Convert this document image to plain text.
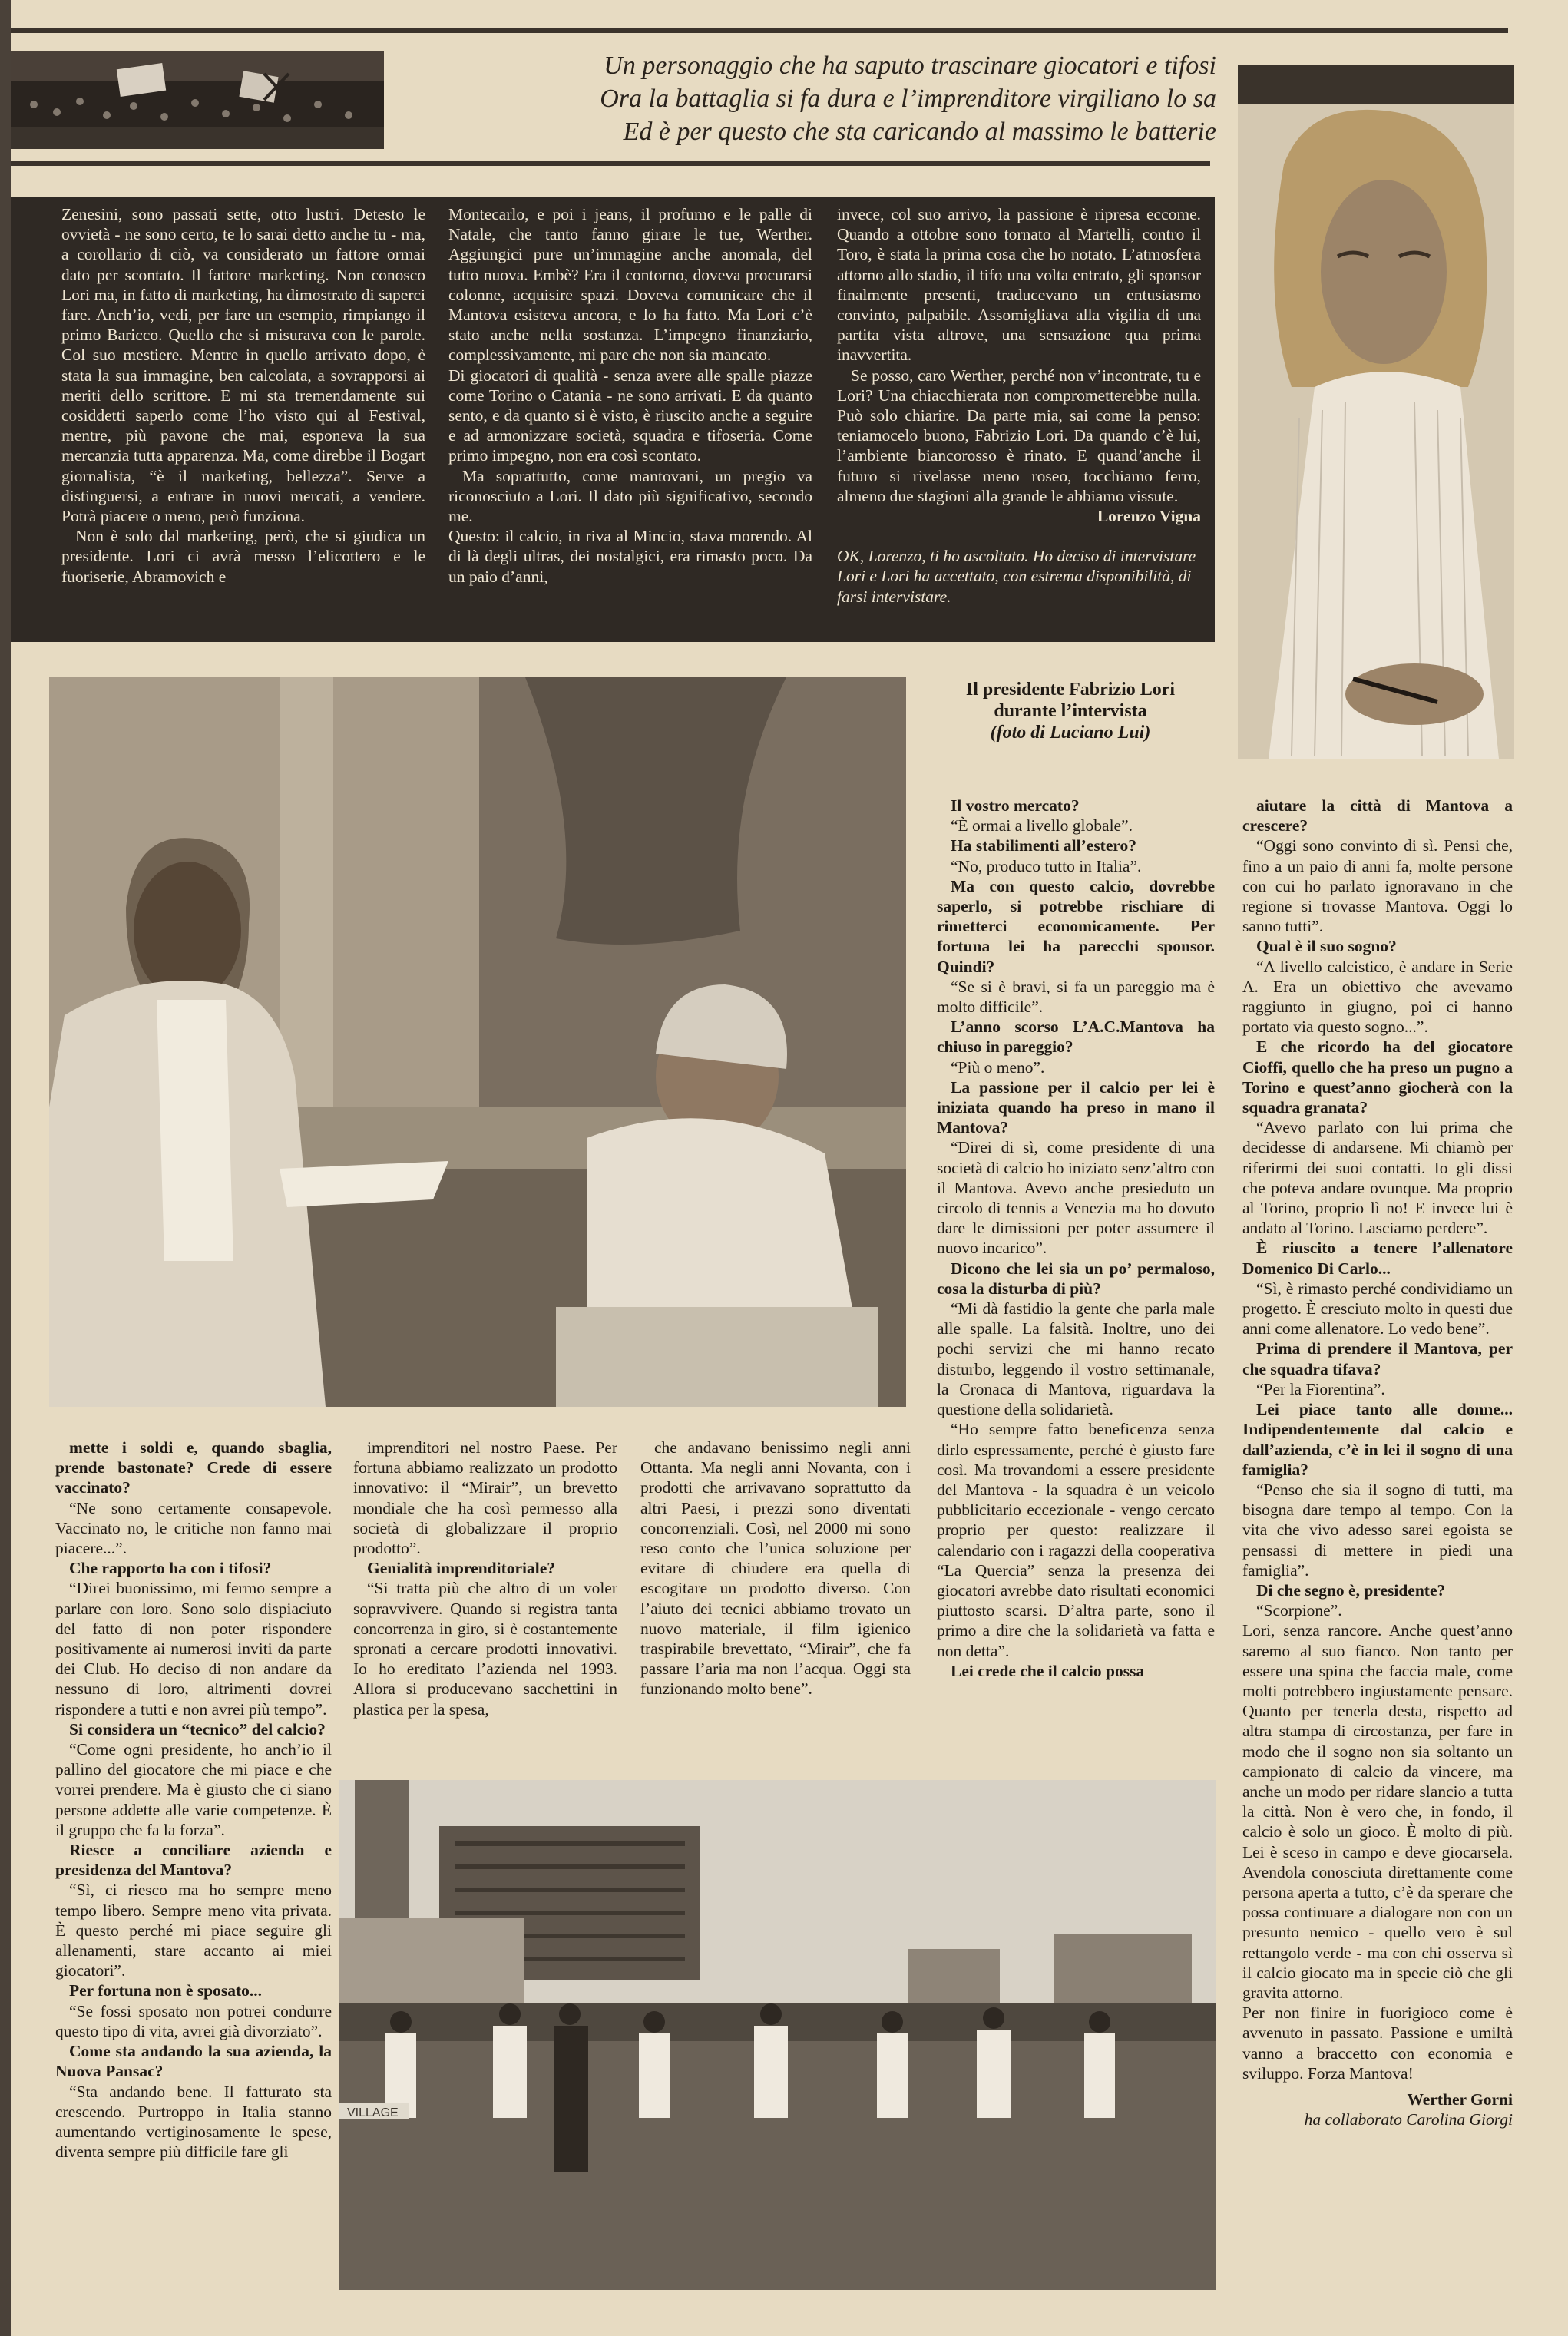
Un personaggio che ha saputo trascinare giocatori e tifosi
Ora la battaglia si fa dura e l’imprenditore virgiliano lo sa
Ed è per questo che sta caricando al massimo le batterie

Zenesini, sono passati sette, otto lustri. Detesto le ovvietà - ne sono certo, te lo sarai detto anche tu - ma, a corollario di ciò, va considerato un fattore ormai dato per scontato. Il fattore marketing. Non conosco Lori ma, in fatto di marketing, ha dimostrato di saperci fare. Anch’io, vedi, per fare un esempio, rimpiango il primo Baricco. Quello che si misurava con le parole. Col suo mestiere. Mentre in quello arrivato dopo, è stata la sua immagine, ben calcolata, a sovrapporsi ai meriti dello scrittore. E mi sta tremendamente sui cosiddetti saperlo come l’ho visto qui al Festival, mentre, più pavone che mai, esponeva la sua mercanzia tutta apparenza. Ma, come direbbe il Bogart giornalista, “è il marketing, bellezza”. Serve a distinguersi, a entrare in nuovi mercati, a vendere. Potrà piacere o meno, però funziona.

Non è solo dal marketing, però, che si giudica un presidente. Lori ci avrà messo l’elicottero e le fuoriserie, Abramovich e

Montecarlo, e poi i jeans, il profumo e le palle di Natale, che tanto fanno girare le tue, Werther. Aggiungici pure un’immagine anche anomala, del tutto nuova. Embè? Era il contorno, doveva procurarsi colonne, acquisire spazi. Doveva comunicare che il Mantova esisteva ancora, e lo ha fatto. Ma Lori c’è stato anche nella sostanza. L’impegno finanziario, complessivamente, mi pare che non sia mancato.

Di giocatori di qualità - senza avere alle spalle piazze come Torino o Catania - ne sono arrivati. E da quanto sento, e da quanto si è visto, è riuscito anche a seguire e ad armonizzare società, squadra e tifoseria. Come primo impegno, non era così scontato.

Ma soprattutto, come mantovani, un pregio va riconosciuto a Lori. Il dato più significativo, secondo me.

Questo: il calcio, in riva al Mincio, stava morendo. Al di là degli ultras, dei nostalgici, era rimasto poco. Da un paio d’anni,

invece, col suo arrivo, la passione è ripresa eccome. Quando a ottobre sono tornato al Martelli, contro il Toro, è stata la prima cosa che ho notato. L’atmosfera attorno allo stadio, il tifo una volta entrato, gli sponsor finalmente presenti, traducevano un entusiasmo convinto, palpabile. Assomigliava alla vigilia di una partita vista altrove, una sensazione qua prima inavvertita.

Se posso, caro Werther, perché non v’incontrate, tu e Lori? Una chiacchierata non comprometterebbe nulla. Può solo chiarire. Da parte mia, sai come la penso: teniamocelo buono, Fabrizio Lori. Da quando c’è lui, l’ambiente biancorosso è rinato. E quand’anche il futuro si rivelasse meno roseo, tocchiamo ferro, almeno due stagioni alla grande le abbiamo vissute.

Lorenzo Vigna

OK, Lorenzo, ti ho ascoltato. Ho deciso di intervistare Lori e Lori ha accettato, con estrema disponibilità, di farsi intervistare.

Il presidente Fabrizio Lori
durante l’intervista
(foto di Luciano Lui)

Il vostro mercato?

“È ormai a livello globale”.

Ha stabilimenti all’estero?

“No, produco tutto in Italia”.

Ma con questo calcio, dovrebbe saperlo, si potrebbe rischiare di rimetterci economicamente. Per fortuna lei ha parecchi sponsor. Quindi?

“Se si è bravi, si fa un pareggio ma è molto difficile”.

L’anno scorso L’A.C.Mantova ha chiuso in pareggio?

“Più o meno”.

La passione per il calcio per lei è iniziata quando ha preso in mano il Mantova?

“Direi di sì, come presidente di una società di calcio ho iniziato senz’altro con il Mantova. Avevo anche presieduto un circolo di tennis a Venezia ma ho dovuto dare le dimissioni per poter assumere il nuovo incarico”.

Dicono che lei sia un po’ permaloso, cosa la disturba di più?

“Mi dà fastidio la gente che parla male alle spalle. La falsità. Inoltre, uno dei pochi servizi che mi hanno recato disturbo, leggendo il vostro settimanale, la Cronaca di Mantova, riguardava la questione della solidarietà.

“Ho sempre fatto beneficenza senza dirlo espressamente, perché è giusto fare così. Ma trovandomi a essere presidente del Mantova - la squadra è un veicolo pubblicitario eccezionale - vengo cercato proprio per questo: realizzare il calendario con i ragazzi della cooperativa “La Quercia” senza la presenza dei giocatori avrebbe dato risultati economici piuttosto scarsi. D’altra parte, sono il primo a dire che la solidarietà va fatta e non detta”.

Lei crede che il calcio possa

aiutare la città di Mantova a crescere?

“Oggi sono convinto di sì. Pensi che, fino a un paio di anni fa, molte persone con cui ho parlato ignoravano in che regione si trovasse Mantova. Oggi lo sanno tutti”.

Qual è il suo sogno?

“A livello calcistico, è andare in Serie A. Era un obiettivo che avevamo raggiunto in giugno, poi ci hanno portato via questo sogno...”.

E che ricordo ha del giocatore Cioffi, quello che ha preso un pugno a Torino e quest’anno giocherà con la squadra granata?

“Avevo parlato con lui prima che decidesse di andarsene. Mi chiamò per riferirmi dei suoi contatti. Io gli dissi che poteva andare ovunque. Ma proprio al Torino, proprio lì no! E invece lui è andato al Torino. Lasciamo perdere”.

È riuscito a tenere l’allenatore Domenico Di Carlo...

“Sì, è rimasto perché condividiamo un progetto. È cresciuto molto in questi due anni come allenatore. Lo vedo bene”.

Prima di prendere il Mantova, per che squadra tifava?

“Per la Fiorentina”.

Lei piace tanto alle donne... Indipendentemente dal calcio e dall’azienda, c’è in lei il sogno di una famiglia?

“Penso che sia il sogno di tutti, ma bisogna dare tempo al tempo. Con la vita che vivo adesso sarei egoista se pensassi di mettere in piedi una famiglia”.

Di che segno è, presidente?

“Scorpione”.

Lori, senza rancore. Anche quest’anno saremo al suo fianco. Non tanto per essere una spina che faccia male, come molti potrebbero ingiustamente pensare. Quanto per tenerla desta, rispetto ad altra stampa di circostanza, per fare in modo che il sogno non sia soltanto un campionato di calcio da vincere, ma anche un modo per ridare slancio a tutta la città. Non è vero che, in fondo, il calcio è solo un gioco. È molto di più. Lei è sceso in campo e deve giocarsela. Avendola conosciuta direttamente come persona aperta a tutto, c’è da sperare che possa continuare a dialogare non con un presunto nemico - quello vero è sul rettangolo verde - ma con chi osserva sì il calcio giocato ma in specie ciò che gli gravita attorno.

Per non finire in fuorigioco come è avvenuto in passato. Passione e umiltà vanno a braccetto con economia e sviluppo. Forza Mantova!

Werther Gorni

ha collaborato Carolina Giorgi

mette i soldi e, quando sbaglia, prende bastonate? Crede di essere vaccinato?

“Ne sono certamente consapevole. Vaccinato no, le critiche non fanno mai piacere...”.

Che rapporto ha con i tifosi?

“Direi buonissimo, mi fermo sempre a parlare con loro. Sono solo dispiaciuto del fatto di non poter rispondere positivamente ai numerosi inviti da parte dei Club. Ho deciso di non andare da nessuno di loro, altrimenti dovrei rispondere a tutti e non avrei più tempo”.

Si considera un “tecnico” del calcio?

“Come ogni presidente, ho anch’io il pallino del giocatore che mi piace e che vorrei prendere. Ma è giusto che ci siano persone addette alle varie competenze. È il gruppo che fa la forza”.

Riesce a conciliare azienda e presidenza del Mantova?

“Sì, ci riesco ma ho sempre meno tempo libero. Sempre meno vita privata. È questo perché mi piace seguire gli allenamenti, stare accanto ai miei giocatori”.

Per fortuna non è sposato...

“Se fossi sposato non potrei condurre questo tipo di vita, avrei già divorziato”.

Come sta andando la sua azienda, la Nuova Pansac?

“Sta andando bene. Il fatturato sta crescendo. Purtroppo in Italia stanno aumentando vertiginosamente le spese, diventa sempre più difficile fare gli

imprenditori nel nostro Paese. Per fortuna abbiamo realizzato un prodotto innovativo: il “Mirair”, un brevetto mondiale che ha così permesso alla società di globalizzare il proprio prodotto”.

Genialità imprenditoriale?

“Si tratta più che altro di un voler sopravvivere. Quando si registra tanta concorrenza in giro, si è costantemente spronati a cercare prodotti innovativi. Io ho ereditato l’azienda nel 1993. Allora si producevano sacchettini in plastica per la spesa,

che andavano benissimo negli anni Ottanta. Ma negli anni Novanta, con i prodotti che arrivavano soprattutto da altri Paesi, i prezzi sono diventati concorrenziali. Così, nel 2000 mi sono reso conto che l’unica soluzione per evitare di chiudere era quella di escogitare un prodotto diverso. Con l’aiuto dei tecnici abbiamo trovato un nuovo materiale, il film igienico traspirabile brevettato, “Mirair”, che fa passare l’aria ma non l’acqua. Oggi sta funzionando molto bene”.

VILLAGE
